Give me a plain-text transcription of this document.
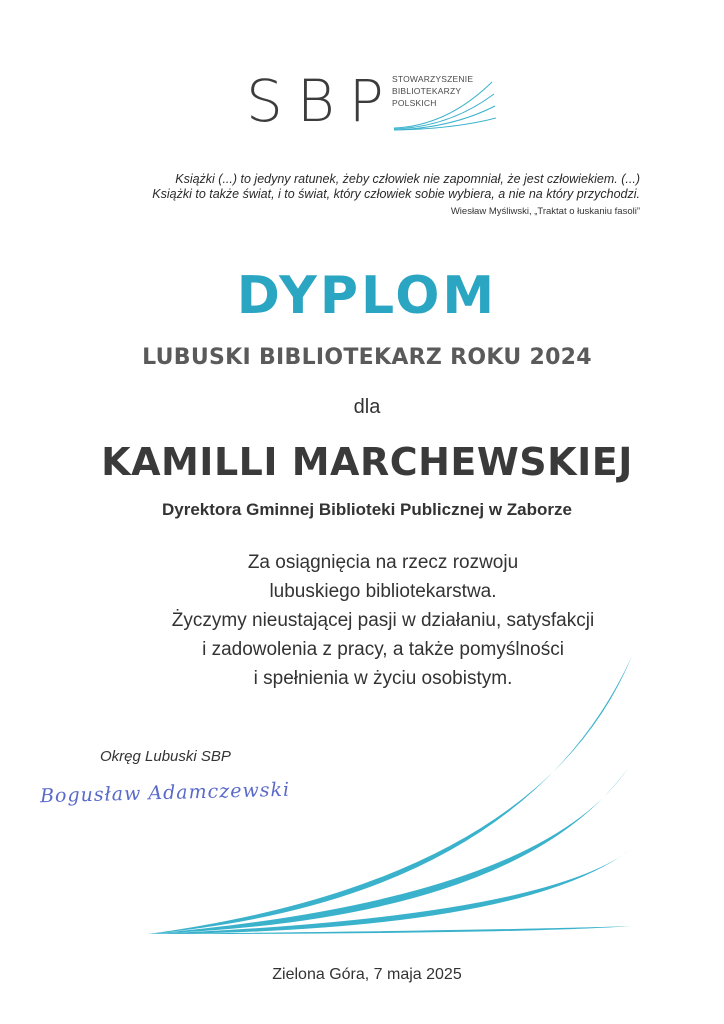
SBP
STOWARZYSZENIE
BIBLIOTEKARZY
POLSKICH
Książki (...) to jedyny ratunek, żeby człowiek nie zapomniał, że jest człowiekiem. (...)
Książki to także świat, i to świat, który człowiek sobie wybiera, a nie na który przychodzi.
Wiesław Myśliwski, „Traktat o łuskaniu fasoli”
DYPLOM
LUBUSKI BIBLIOTEKARZ ROKU 2024
dla
KAMILLI MARCHEWSKIEJ
Dyrektora Gminnej Biblioteki Publicznej w Zaborze
Za osiągnięcia na rzecz rozwoju
lubuskiego bibliotekarstwa.
Życzymy nieustającej pasji w działaniu, satysfakcji
i zadowolenia z pracy, a także pomyślności
i spełnienia w życiu osobistym.
Okręg Lubuski SBP
Bogusław Adamczewski
Zielona Góra, 7 maja 2025
